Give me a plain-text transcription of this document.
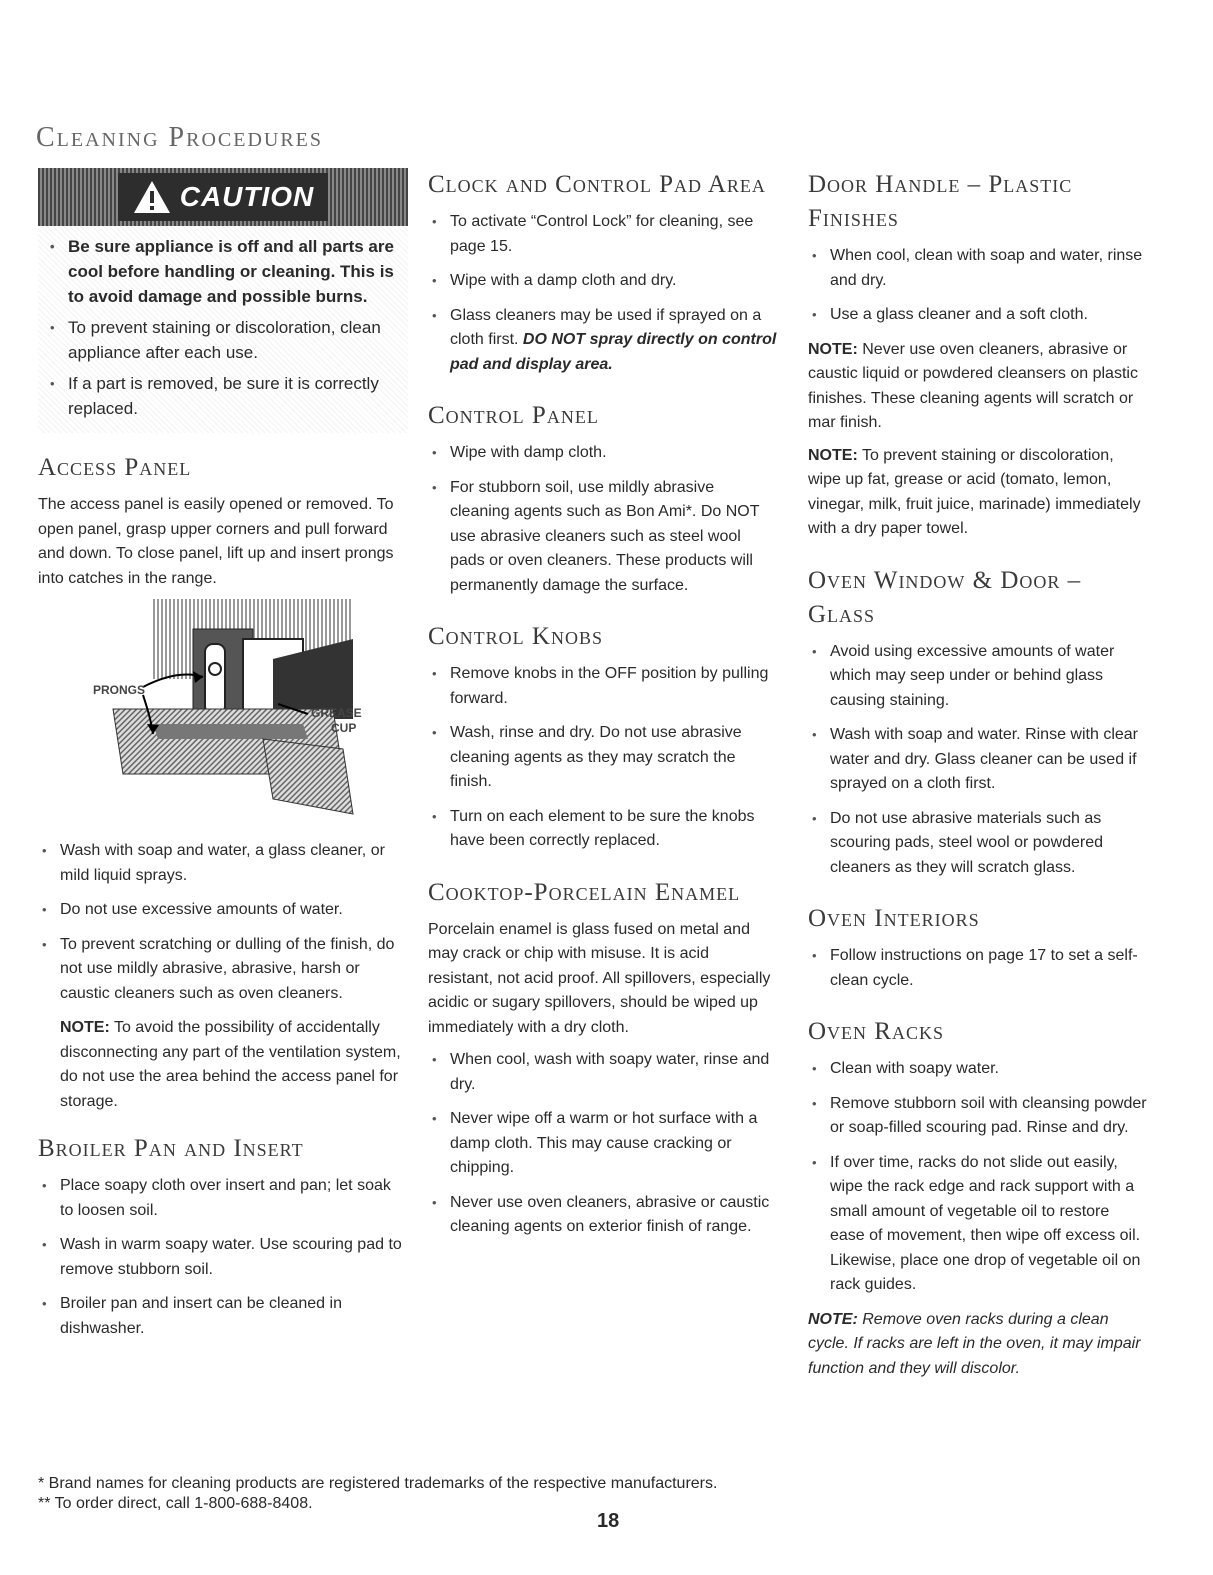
Cleaning Procedures
CAUTION
• Be sure appliance is off and all parts are cool before handling or cleaning. This is to avoid damage and possible burns.
• To prevent staining or discoloration, clean appliance after each use.
• If a part is removed, be sure it is correctly replaced.
Access Panel

The access panel is easily opened or removed. To open panel, grasp upper corners and pull forward and down. To close panel, lift up and insert prongs into catches in the range.

PRONGS
GREASE
CUP
• Wash with soap and water, a glass cleaner, or mild liquid sprays.
• Do not use excessive amounts of water.
• To prevent scratching or dulling of the finish, do not use mildly abrasive, abrasive, harsh or caustic cleaners such as oven cleaners.

NOTE: To avoid the possibility of accidentally disconnecting any part of the ventilation system, do not use the area behind the access panel for storage.

Broiler Pan and Insert
• Place soapy cloth over insert and pan; let soak to loosen soil.
• Wash in warm soapy water. Use scouring pad to remove stubborn soil.
• Broiler pan and insert can be cleaned in dishwasher.
Clock and Control Pad Area
• To activate “Control Lock” for cleaning, see page 15.
• Wipe with a damp cloth and dry.
• Glass cleaners may be used if sprayed on a cloth first. DO NOT spray directly on control pad and display area.
Control Panel
• Wipe with damp cloth.
• For stubborn soil, use mildly abrasive cleaning agents such as Bon Ami*. Do NOT use abrasive cleaners such as steel wool pads or oven cleaners. These products will permanently damage the surface.
Control Knobs
• Remove knobs in the OFF position by pulling forward.
• Wash, rinse and dry. Do not use abrasive cleaning agents as they may scratch the finish.
• Turn on each element to be sure the knobs have been correctly replaced.
Cooktop-Porcelain Enamel

Porcelain enamel is glass fused on metal and may crack or chip with misuse. It is acid resistant, not acid proof. All spillovers, especially acidic or sugary spillovers, should be wiped up immediately with a dry cloth.

• When cool, wash with soapy water, rinse and dry.
• Never wipe off a warm or hot surface with a damp cloth. This may cause cracking or chipping.
• Never use oven cleaners, abrasive or caustic cleaning agents on exterior finish of range.
Door Handle – Plastic Finishes
• When cool, clean with soap and water, rinse and dry.
• Use a glass cleaner and a soft cloth.

NOTE: Never use oven cleaners, abrasive or caustic liquid or powdered cleansers on plastic finishes. These cleaning agents will scratch or mar finish.

NOTE: To prevent staining or discoloration, wipe up fat, grease or acid (tomato, lemon, vinegar, milk, fruit juice, marinade) immediately with a dry paper towel.

Oven Window & Door – Glass
• Avoid using excessive amounts of water which may seep under or behind glass causing staining.
• Wash with soap and water. Rinse with clear water and dry. Glass cleaner can be used if sprayed on a cloth first.
• Do not use abrasive materials such as scouring pads, steel wool or powdered cleaners as they will scratch glass.
Oven Interiors
• Follow instructions on page 17 to set a self-clean cycle.
Oven Racks
• Clean with soapy water.
• Remove stubborn soil with cleansing powder or soap-filled scouring pad. Rinse and dry.
• If over time, racks do not slide out easily, wipe the rack edge and rack support with a small amount of vegetable oil to restore ease of movement, then wipe off excess oil. Likewise, place one drop of vegetable oil on rack guides.

NOTE: Remove oven racks during a clean cycle. If racks are left in the oven, it may impair function and they will discolor.

* Brand names for cleaning products are registered trademarks of the respective manufacturers.
** To order direct, call 1-800-688-8408.
18
